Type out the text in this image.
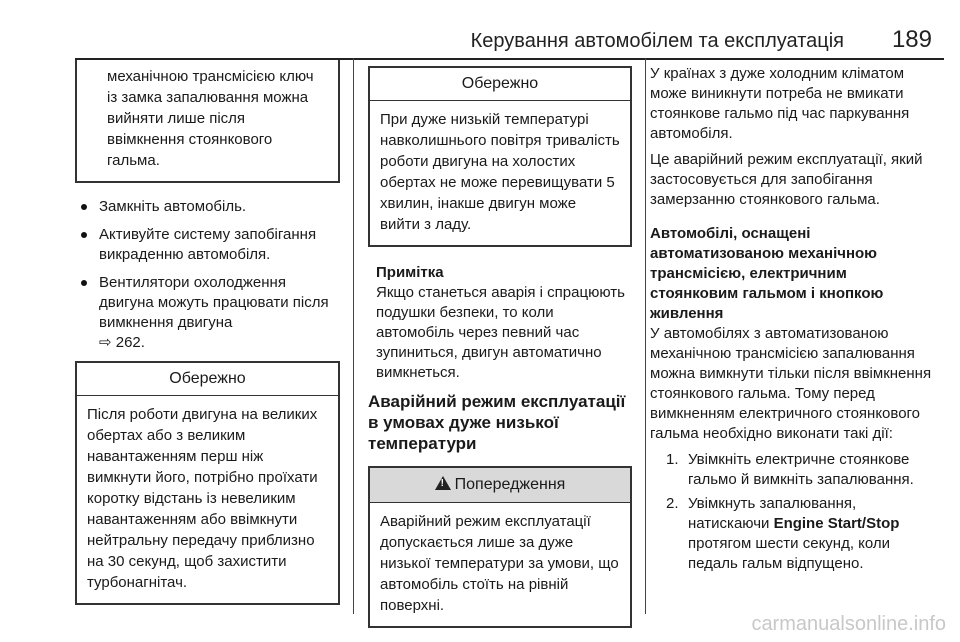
Керування автомобілем та експлуатація 189
механічною трансмісією ключ із замка запалювання можна вийняти лише після ввімкнення стоянкового гальма.
Замкніть автомобіль.
Активуйте систему запобігання викраденню автомобіля.
Вентилятори охолодження двигуна можуть працювати після вимкнення двигуна
⇨ 262.
Обережно
Після роботи двигуна на великих обертах або з великим навантаженням перш ніж вимкнути його, потрібно проїхати коротку відстань із невеликим навантаженням або ввімкнути нейтральну передачу приблизно на 30 секунд, щоб захистити турбонагнітач.
Обережно
При дуже низькій температурі навколишнього повітря тривалість роботи двигуна на холостих обертах не може перевищувати 5 хвилин, інакше двигун може вийти з ладу.
Примітка
Якщо станеться аварія і спрацюють подушки безпеки, то коли автомобіль через певний час зупиниться, двигун автоматично вимкнеться.
Аварійний режим експлуатації в умовах дуже низької температури
! Попередження
Аварійний режим експлуатації допускається лише за дуже низької температури за умови, що автомобіль стоїть на рівній поверхні.
У країнах з дуже холодним кліматом може виникнути потреба не вмикати стоянкове гальмо під час паркування автомобіля.
Це аварійний режим експлуатації, який застосовується для запобігання замерзанню стоянкового гальма.
Автомобілі, оснащені автоматизованою механічною трансмісією, електричним стоянковим гальмом і кнопкою живлення
У автомобілях з автоматизованою механічною трансмісією запалювання можна вимкнути тільки після ввімкнення стоянкового гальма. Тому перед вимкненням електричного стоянкового гальма необхідно виконати такі дії:
1. Увімкніть електричне стоянкове гальмо й вимкніть запалювання.
2. Увімкнуть запалювання, натискаючи Engine Start/Stop протягом шести секунд, коли педаль гальм відпущено.
carmanualsonline.info
